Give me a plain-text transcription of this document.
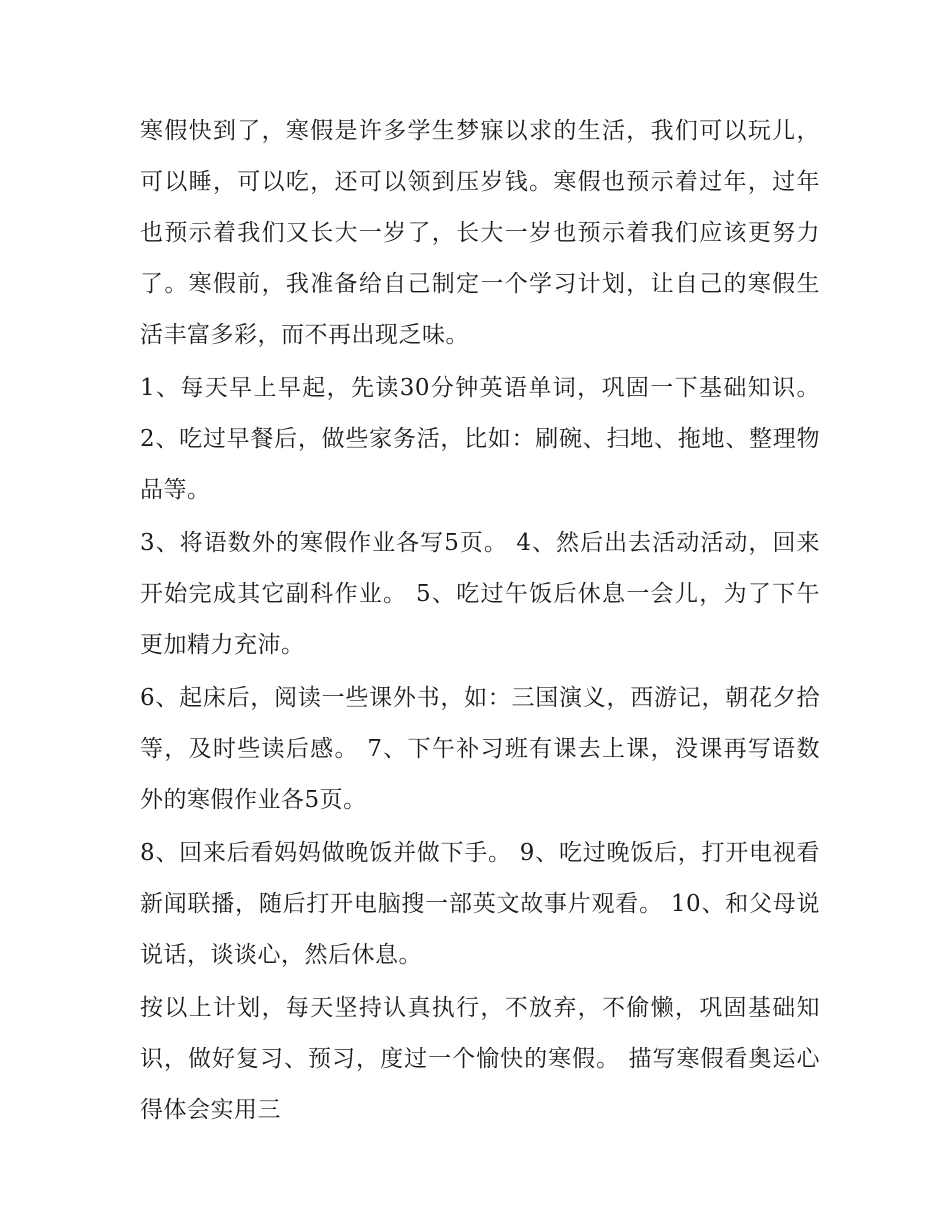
寒假快到了，寒假是许多学生梦寐以求的生活，我们可以玩儿，可以睡，可以吃，还可以领到压岁钱。寒假也预示着过年，过年也预示着我们又长大一岁了，长大一岁也预示着我们应该更努力了。寒假前，我准备给自己制定一个学习计划，让自己的寒假生活丰富多彩，而不再出现乏味。

1、每天早上早起，先读30分钟英语单词，巩固一下基础知识。 2、吃过早餐后，做些家务活，比如：刷碗、扫地、拖地、整理物品等。

3、将语数外的寒假作业各写5页。 4、然后出去活动活动，回来开始完成其它副科作业。 5、吃过午饭后休息一会儿，为了下午更加精力充沛。

6、起床后，阅读一些课外书，如：三国演义，西游记，朝花夕拾等，及时些读后感。 7、下午补习班有课去上课，没课再写语数外的寒假作业各5页。

8、回来后看妈妈做晚饭并做下手。 9、吃过晚饭后，打开电视看新闻联播，随后打开电脑搜一部英文故事片观看。 10、和父母说说话，谈谈心，然后休息。

按以上计划，每天坚持认真执行，不放弃，不偷懒，巩固基础知识，做好复习、预习，度过一个愉快的寒假。 描写寒假看奥运心得体会实用三
